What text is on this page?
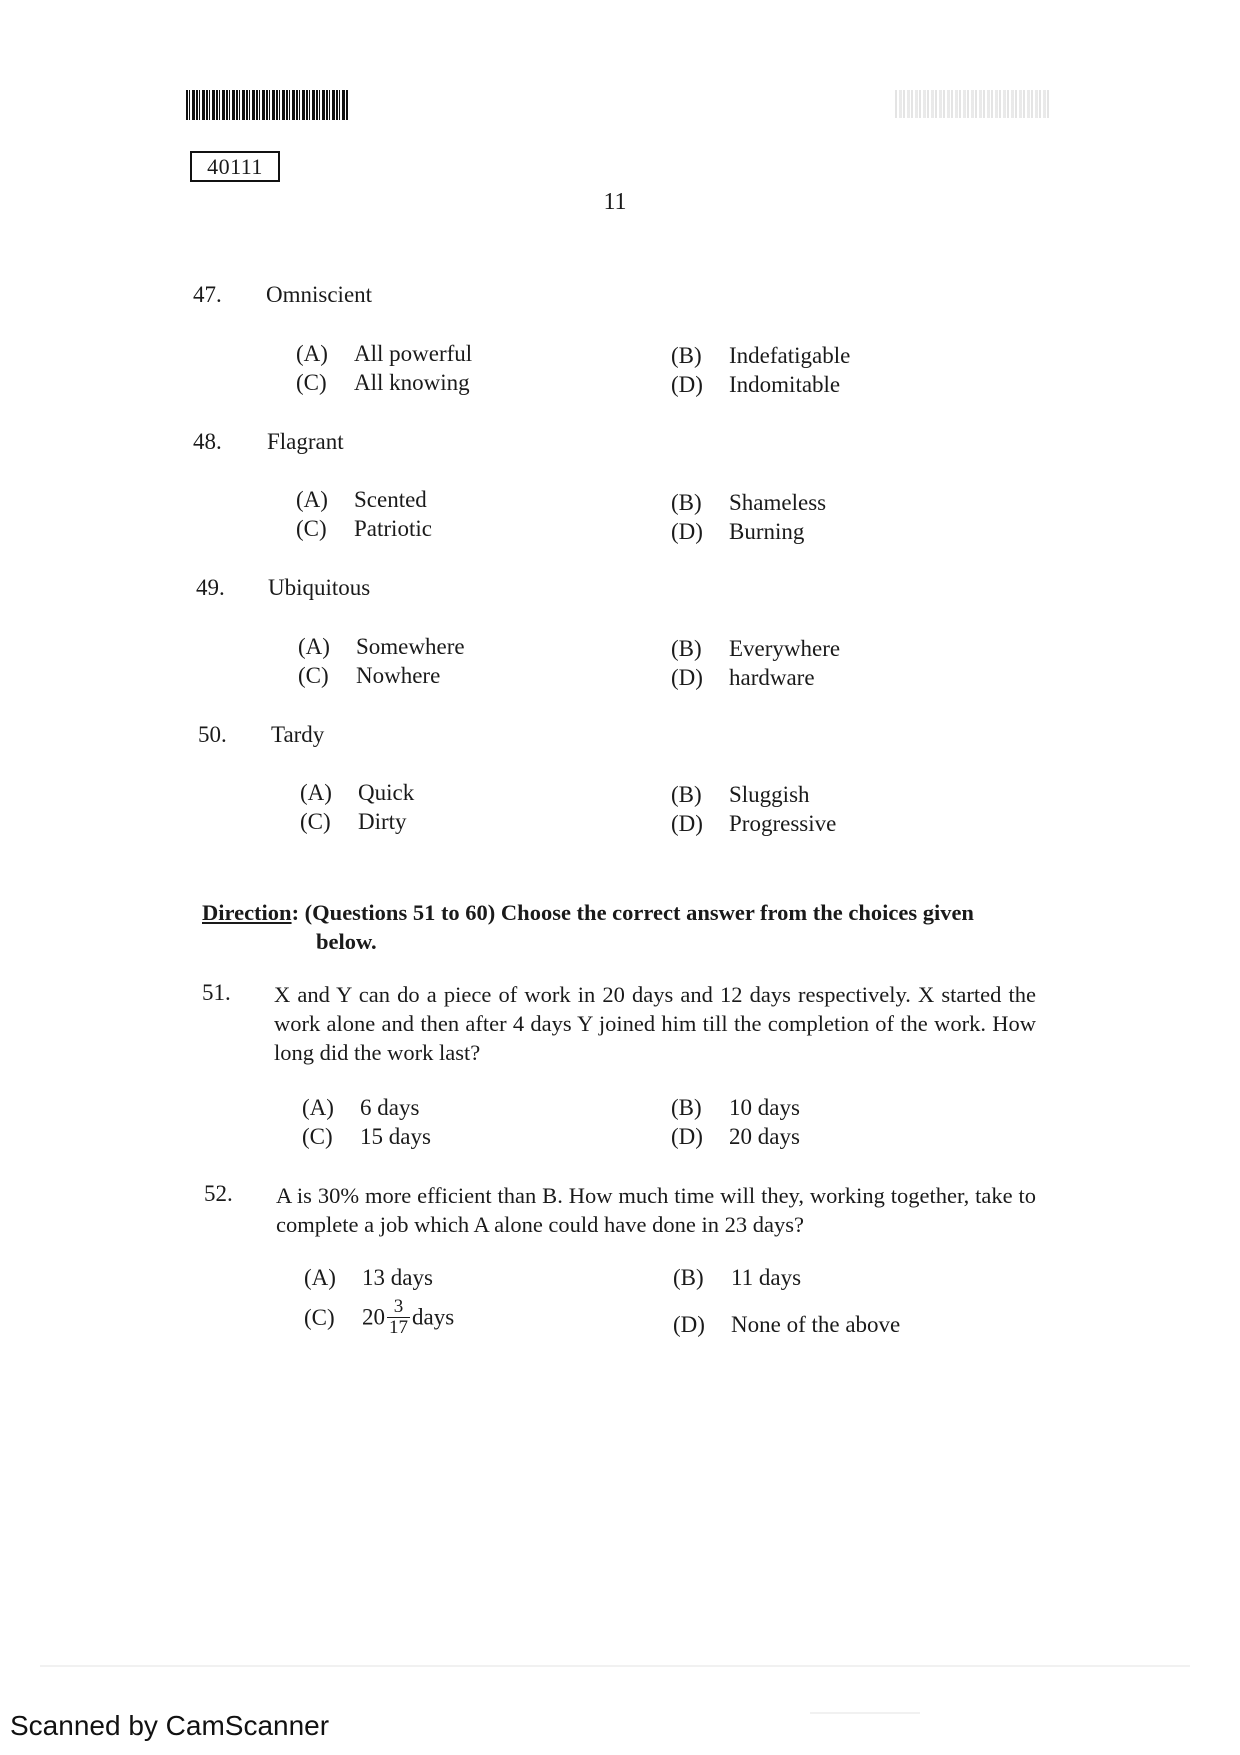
40111
11
47. Omniscient
(A) All powerful
(C) All knowing
(B) Indefatigable
(D) Indomitable
48. Flagrant
(A) Scented
(C) Patriotic
(B) Shameless
(D) Burning
49. Ubiquitous
(A) Somewhere
(C) Nowhere
(B) Everywhere
(D) hardware
50. Tardy
(A) Quick
(C) Dirty
(B) Sluggish
(D) Progressive
Direction: (Questions 51 to 60) Choose the correct answer from the choices given
below.
51. X and Y can do a piece of work in 20 days and 12 days respectively. X started the work alone and then after 4 days Y joined him till the completion of the work. How long did the work last?
(A) 6 days
(C) 15 days
(B) 10 days
(D) 20 days
52. A is 30% more efficient than B. How much time will they, working together, take to complete a job which A alone could have done in 23 days?
(A) 13 days
(C) $20 \frac{3}{17}$ days
(B) 11 days
(D) None of the above
Scanned by CamScanner
